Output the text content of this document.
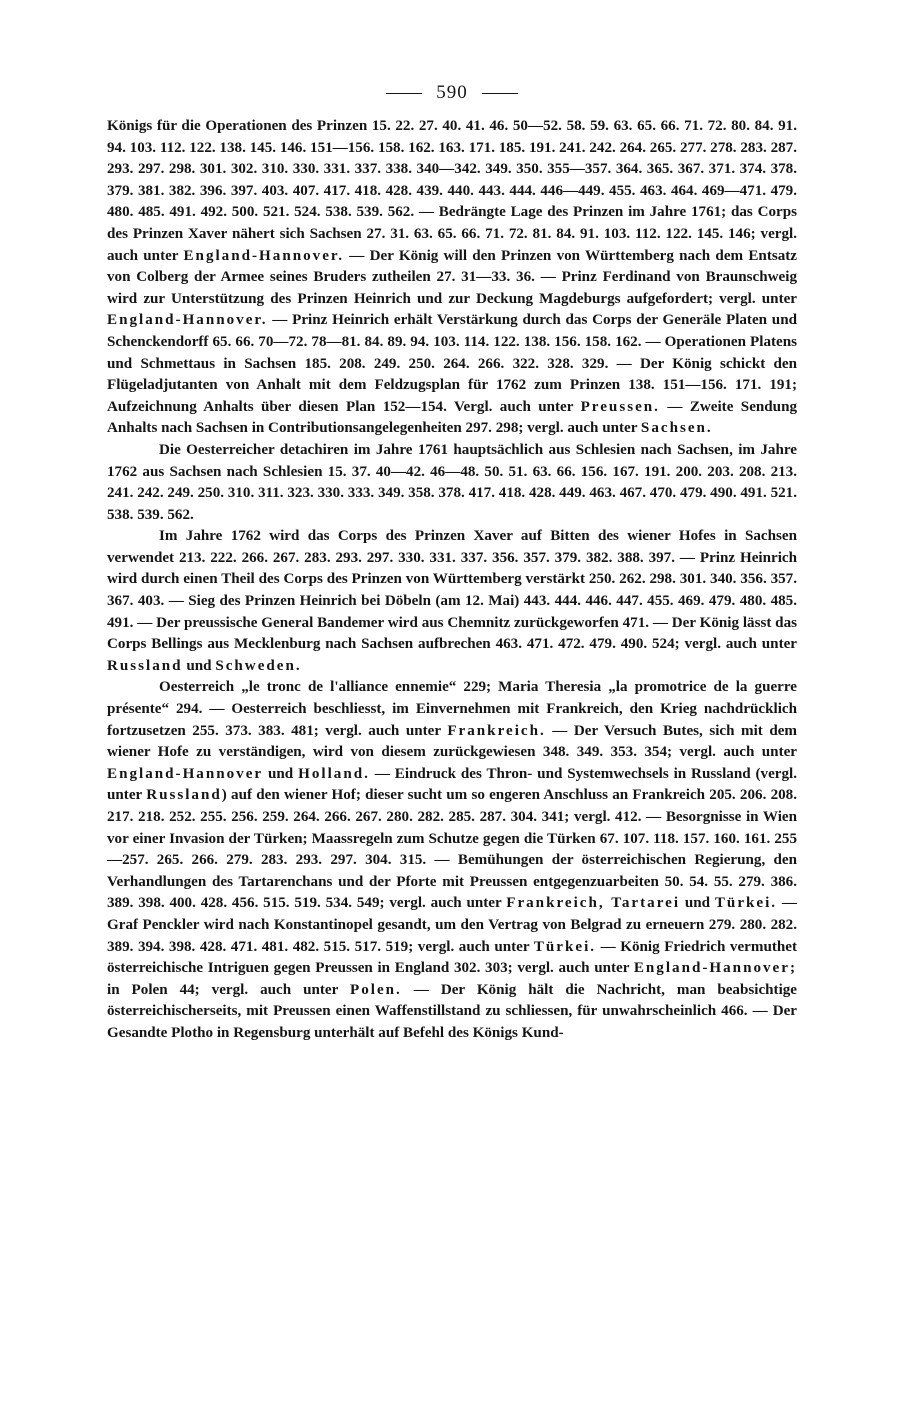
590

Königs für die Operationen des Prinzen 15. 22. 27. 40. 41. 46. 50—52. 58. 59. 63. 65. 66. 71. 72. 80. 84. 91. 94. 103. 112. 122. 138. 145. 146. 151—156. 158. 162. 163. 171. 185. 191. 241. 242. 264. 265. 277. 278. 283. 287. 293. 297. 298. 301. 302. 310. 330. 331. 337. 338. 340—342. 349. 350. 355—357. 364. 365. 367. 371. 374. 378. 379. 381. 382. 396. 397. 403. 407. 417. 418. 428. 439. 440. 443. 444. 446—449. 455. 463. 464. 469—471. 479. 480. 485. 491. 492. 500. 521. 524. 538. 539. 562. — Bedrängte Lage des Prinzen im Jahre 1761; das Corps des Prinzen Xaver nähert sich Sachsen 27. 31. 63. 65. 66. 71. 72. 81. 84. 91. 103. 112. 122. 145. 146; vergl. auch unter England-Hannover. — Der König will den Prinzen von Württemberg nach dem Entsatz von Colberg der Armee seines Bruders zutheilen 27. 31—33. 36. — Prinz Ferdinand von Braunschweig wird zur Unterstützung des Prinzen Heinrich und zur Deckung Magdeburgs aufgefordert; vergl. unter England-Hannover. — Prinz Heinrich erhält Verstärkung durch das Corps der Generäle Platen und Schenckendorff 65. 66. 70—72. 78—81. 84. 89. 94. 103. 114. 122. 138. 156. 158. 162. — Operationen Platens und Schmettaus in Sachsen 185. 208. 249. 250. 264. 266. 322. 328. 329. — Der König schickt den Flügeladjutanten von Anhalt mit dem Feldzugsplan für 1762 zum Prinzen 138. 151—156. 171. 191; Aufzeichnung Anhalts über diesen Plan 152—154. Vergl. auch unter Preussen. — Zweite Sendung Anhalts nach Sachsen in Contributionsangelegenheiten 297. 298; vergl. auch unter Sachsen.

Die Oesterreicher detachiren im Jahre 1761 hauptsächlich aus Schlesien nach Sachsen, im Jahre 1762 aus Sachsen nach Schlesien 15. 37. 40—42. 46—48. 50. 51. 63. 66. 156. 167. 191. 200. 203. 208. 213. 241. 242. 249. 250. 310. 311. 323. 330. 333. 349. 358. 378. 417. 418. 428. 449. 463. 467. 470. 479. 490. 491. 521. 538. 539. 562.

Im Jahre 1762 wird das Corps des Prinzen Xaver auf Bitten des wiener Hofes in Sachsen verwendet 213. 222. 266. 267. 283. 293. 297. 330. 331. 337. 356. 357. 379. 382. 388. 397. — Prinz Heinrich wird durch einen Theil des Corps des Prinzen von Württemberg verstärkt 250. 262. 298. 301. 340. 356. 357. 367. 403. — Sieg des Prinzen Heinrich bei Döbeln (am 12. Mai) 443. 444. 446. 447. 455. 469. 479. 480. 485. 491. — Der preussische General Bandemer wird aus Chemnitz zurückgeworfen 471. — Der König lässt das Corps Bellings aus Mecklenburg nach Sachsen aufbrechen 463. 471. 472. 479. 490. 524; vergl. auch unter Russland und Schweden.

Oesterreich „le tronc de l'alliance ennemie“ 229; Maria Theresia „la promotrice de la guerre présente“ 294. — Oesterreich beschliesst, im Einvernehmen mit Frankreich, den Krieg nachdrücklich fortzusetzen 255. 373. 383. 481; vergl. auch unter Frankreich. — Der Versuch Butes, sich mit dem wiener Hofe zu verständigen, wird von diesem zurückgewiesen 348. 349. 353. 354; vergl. auch unter England-Hannover und Holland. — Eindruck des Thron- und Systemwechsels in Russland (vergl. unter Russland) auf den wiener Hof; dieser sucht um so engeren Anschluss an Frankreich 205. 206. 208. 217. 218. 252. 255. 256. 259. 264. 266. 267. 280. 282. 285. 287. 304. 341; vergl. 412. — Besorgnisse in Wien vor einer Invasion der Türken; Maassregeln zum Schutze gegen die Türken 67. 107. 118. 157. 160. 161. 255—257. 265. 266. 279. 283. 293. 297. 304. 315. — Bemühungen der österreichischen Regierung, den Verhandlungen des Tartarenchans und der Pforte mit Preussen entgegenzuarbeiten 50. 54. 55. 279. 386. 389. 398. 400. 428. 456. 515. 519. 534. 549; vergl. auch unter Frankreich, Tartarei und Türkei. — Graf Penckler wird nach Konstantinopel gesandt, um den Vertrag von Belgrad zu erneuern 279. 280. 282. 389. 394. 398. 428. 471. 481. 482. 515. 517. 519; vergl. auch unter Türkei. — König Friedrich vermuthet österreichische Intriguen gegen Preussen in England 302. 303; vergl. auch unter England-Hannover; in Polen 44; vergl. auch unter Polen. — Der König hält die Nachricht, man beabsichtige österreichischerseits, mit Preussen einen Waffenstillstand zu schliessen, für unwahrscheinlich 466. — Der Gesandte Plotho in Regensburg unterhält auf Befehl des Königs Kund-
